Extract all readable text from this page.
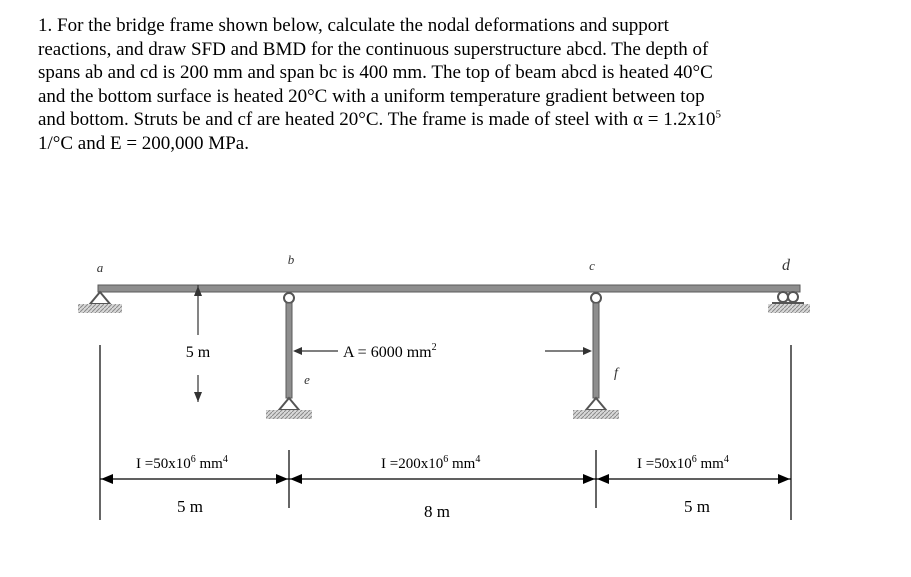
1. For the bridge frame shown below, calculate the nodal deformations and support
reactions, and draw SFD and BMD for the continuous superstructure abcd. The depth of
spans ab and cd is 200 mm and span bc is 400 mm. The top of beam abcd is heated 40°C
and the bottom surface is heated 20°C with a uniform temperature gradient between top
and bottom. Struts be and cf are heated 20°C. The frame is made of steel with $\alpha = 1.2x10^5$
1/°C and E = 200,000 MPa.
a
b	c	d
e	f
5 m	A = 6000 $mm^2$
$I =50x10^6$ $mm^4$	$I =200x10^6$ $mm^4$	$I =50x10^6$ $mm^4$
5 m	8 m	5 m
